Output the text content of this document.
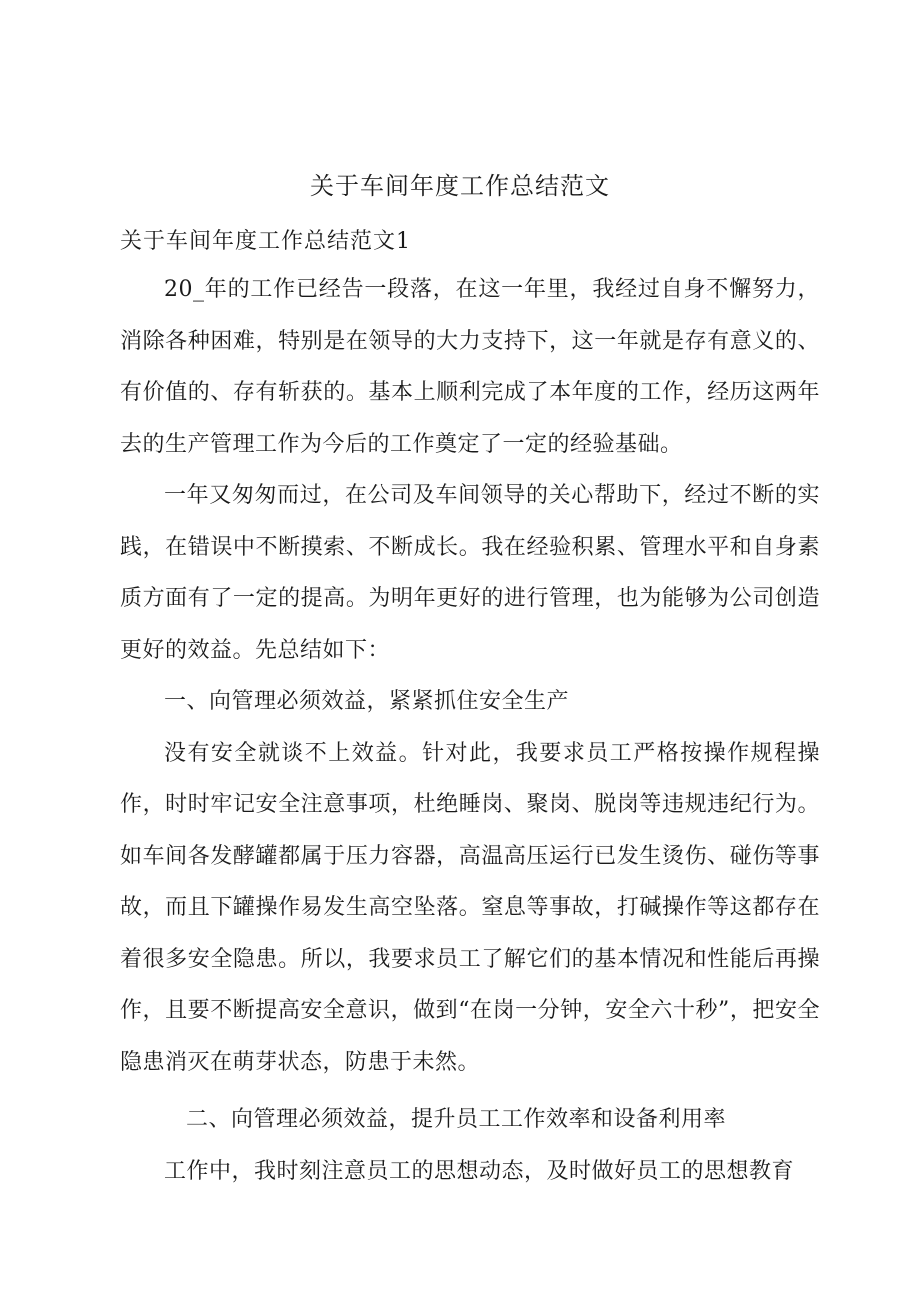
关于车间年度工作总结范文
关于车间年度工作总结范文1

20_年的工作已经告一段落，在这一年里，我经过自身不懈努力，消除各种困难，特别是在领导的大力支持下，这一年就是存有意义的、有价值的、存有斩获的。基本上顺利完成了本年度的工作，经历这两年去的生产管理工作为今后的工作奠定了一定的经验基础。

一年又匆匆而过，在公司及车间领导的关心帮助下，经过不断的实践，在错误中不断摸索、不断成长。我在经验积累、管理水平和自身素质方面有了一定的提高。为明年更好的进行管理，也为能够为公司创造更好的效益。先总结如下：

一、向管理必须效益，紧紧抓住安全生产

没有安全就谈不上效益。针对此，我要求员工严格按操作规程操作，时时牢记安全注意事项，杜绝睡岗、聚岗、脱岗等违规违纪行为。如车间各发酵罐都属于压力容器，高温高压运行已发生烫伤、碰伤等事故，而且下罐操作易发生高空坠落。窒息等事故，打碱操作等这都存在着很多安全隐患。所以，我要求员工了解它们的基本情况和性能后再操作，且要不断提高安全意识，做到“在岗一分钟，安全六十秒”，把安全隐患消灭在萌芽状态，防患于未然。

二、向管理必须效益，提升员工工作效率和设备利用率

工作中，我时刻注意员工的思想动态，及时做好员工的思想教育
